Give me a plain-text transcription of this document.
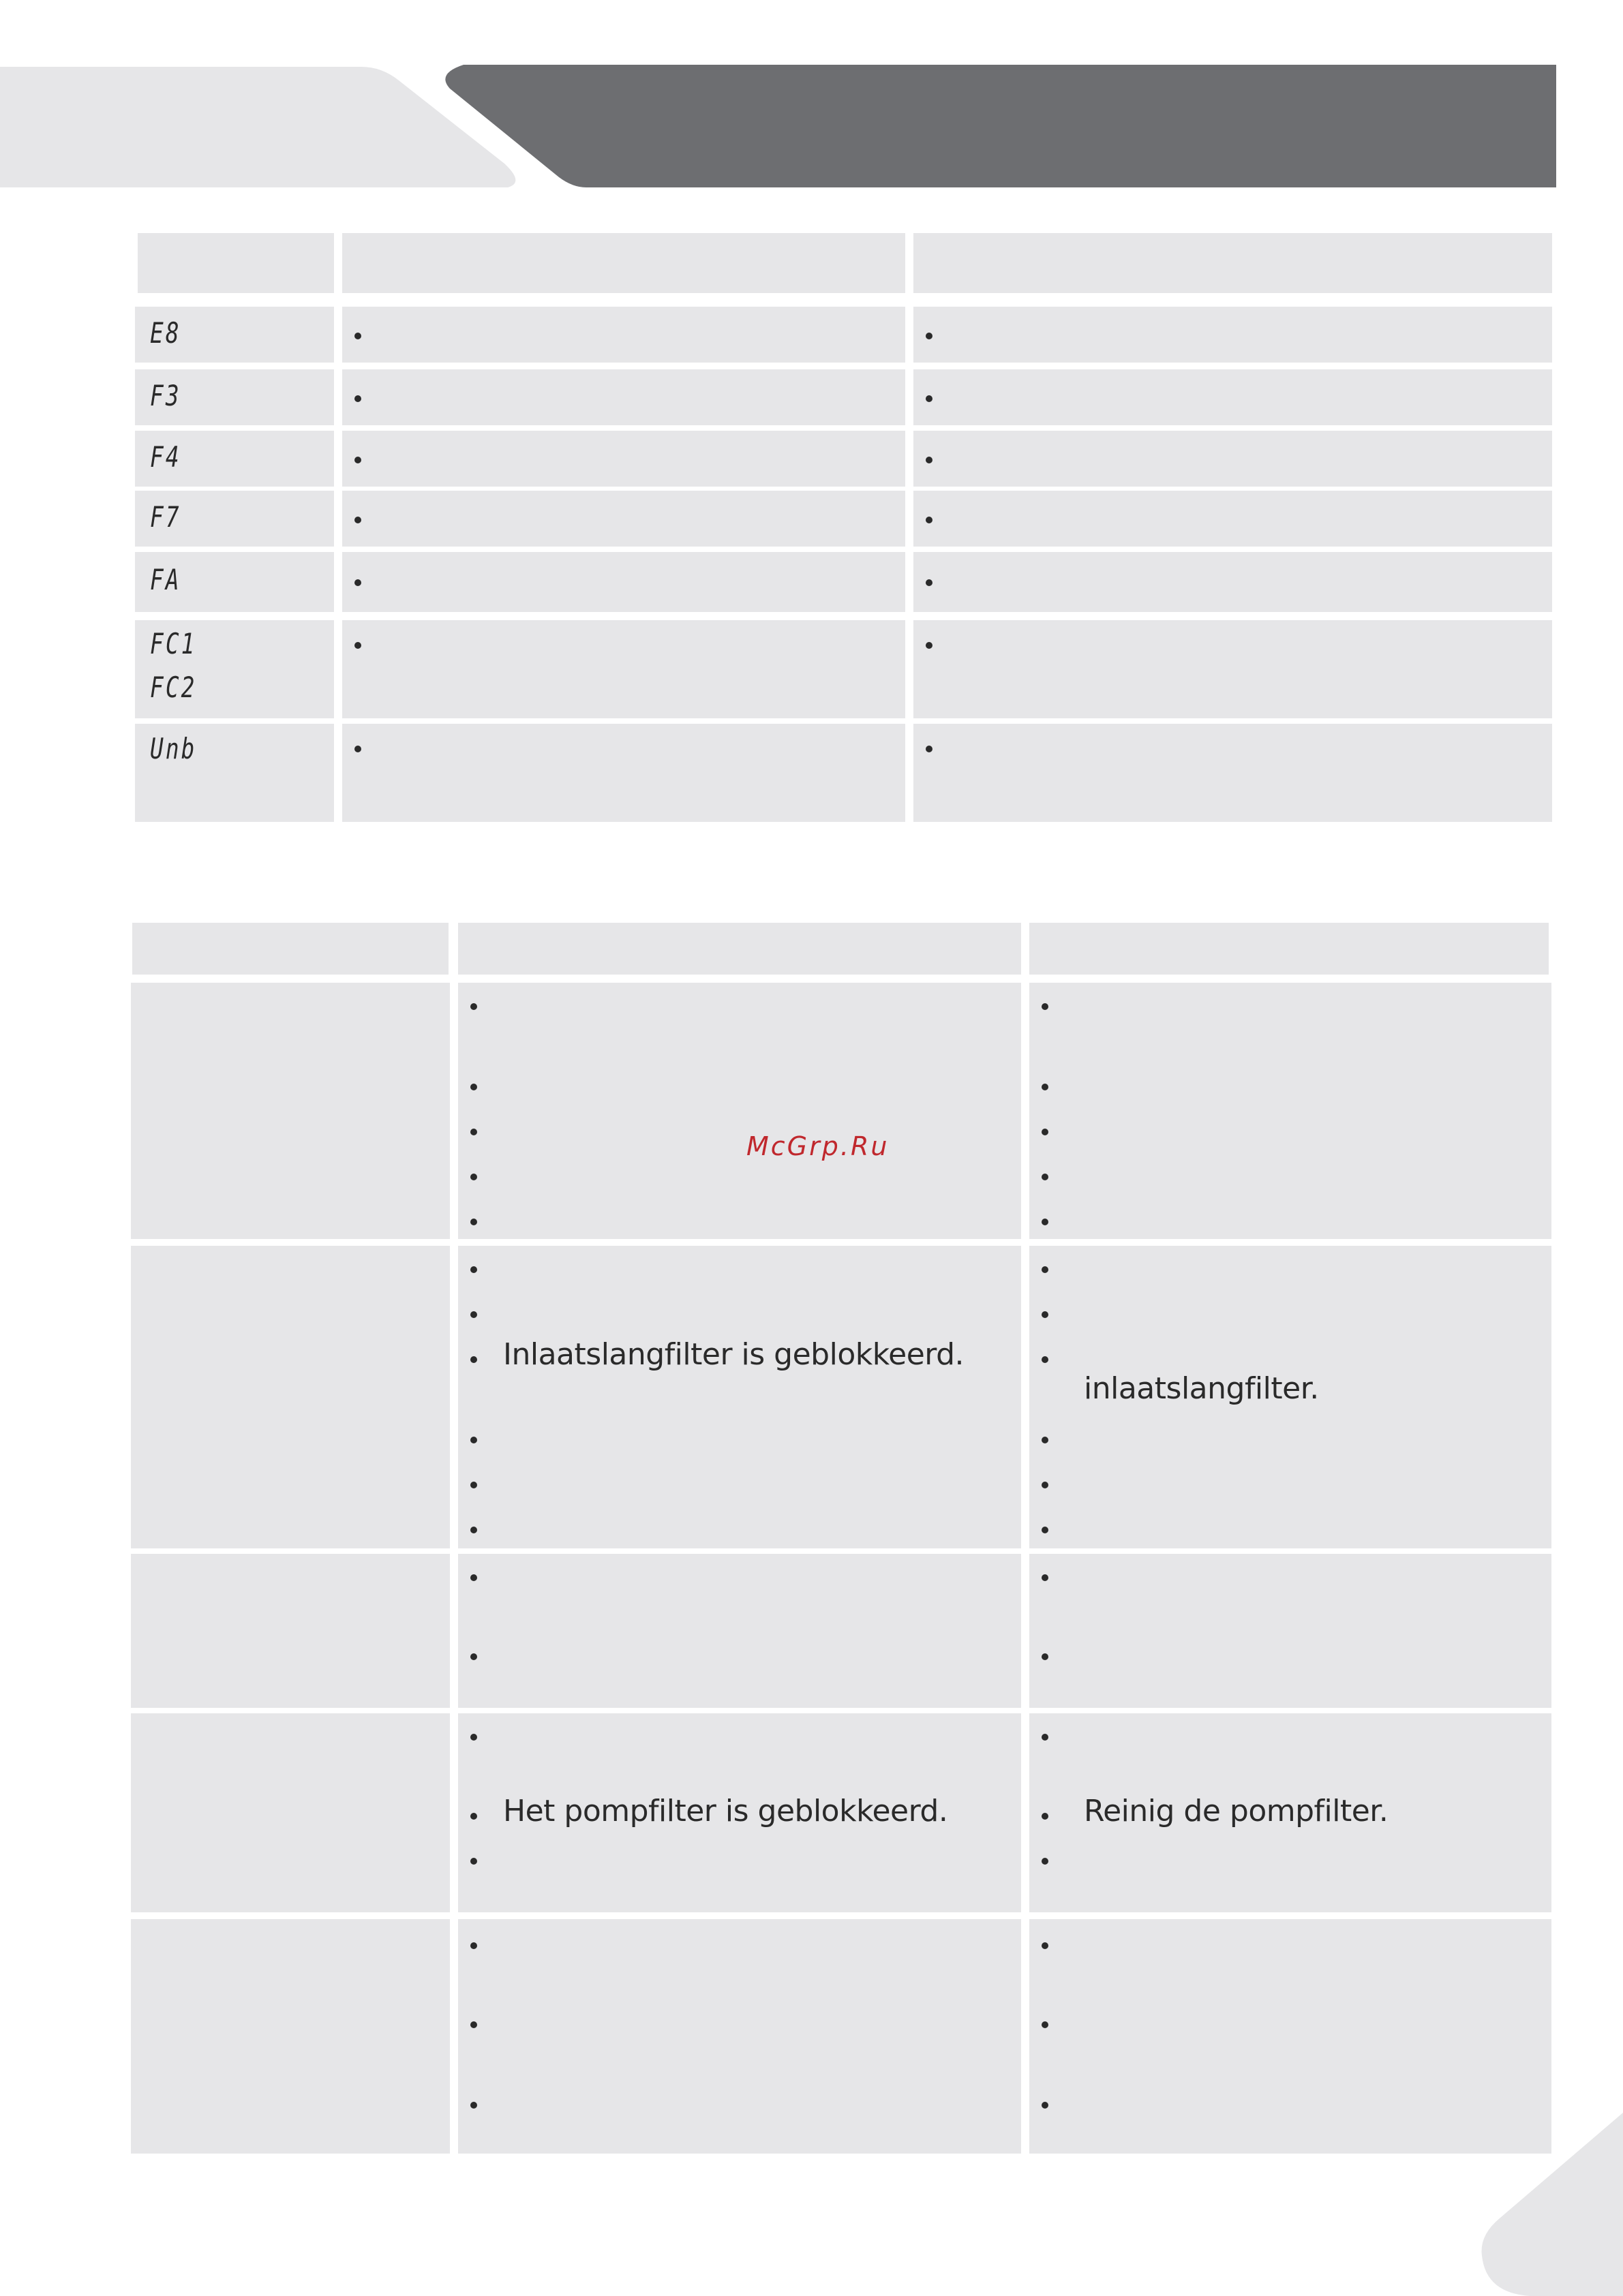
E8
F3
F4
F7
FA
FC1
FC2
Unb
Inlaatslangfilter is geblokkeerd.
inlaatslangfilter.
Het pompfilter is geblokkeerd.	Reinig de pompfilter.
McGrp.Ru
